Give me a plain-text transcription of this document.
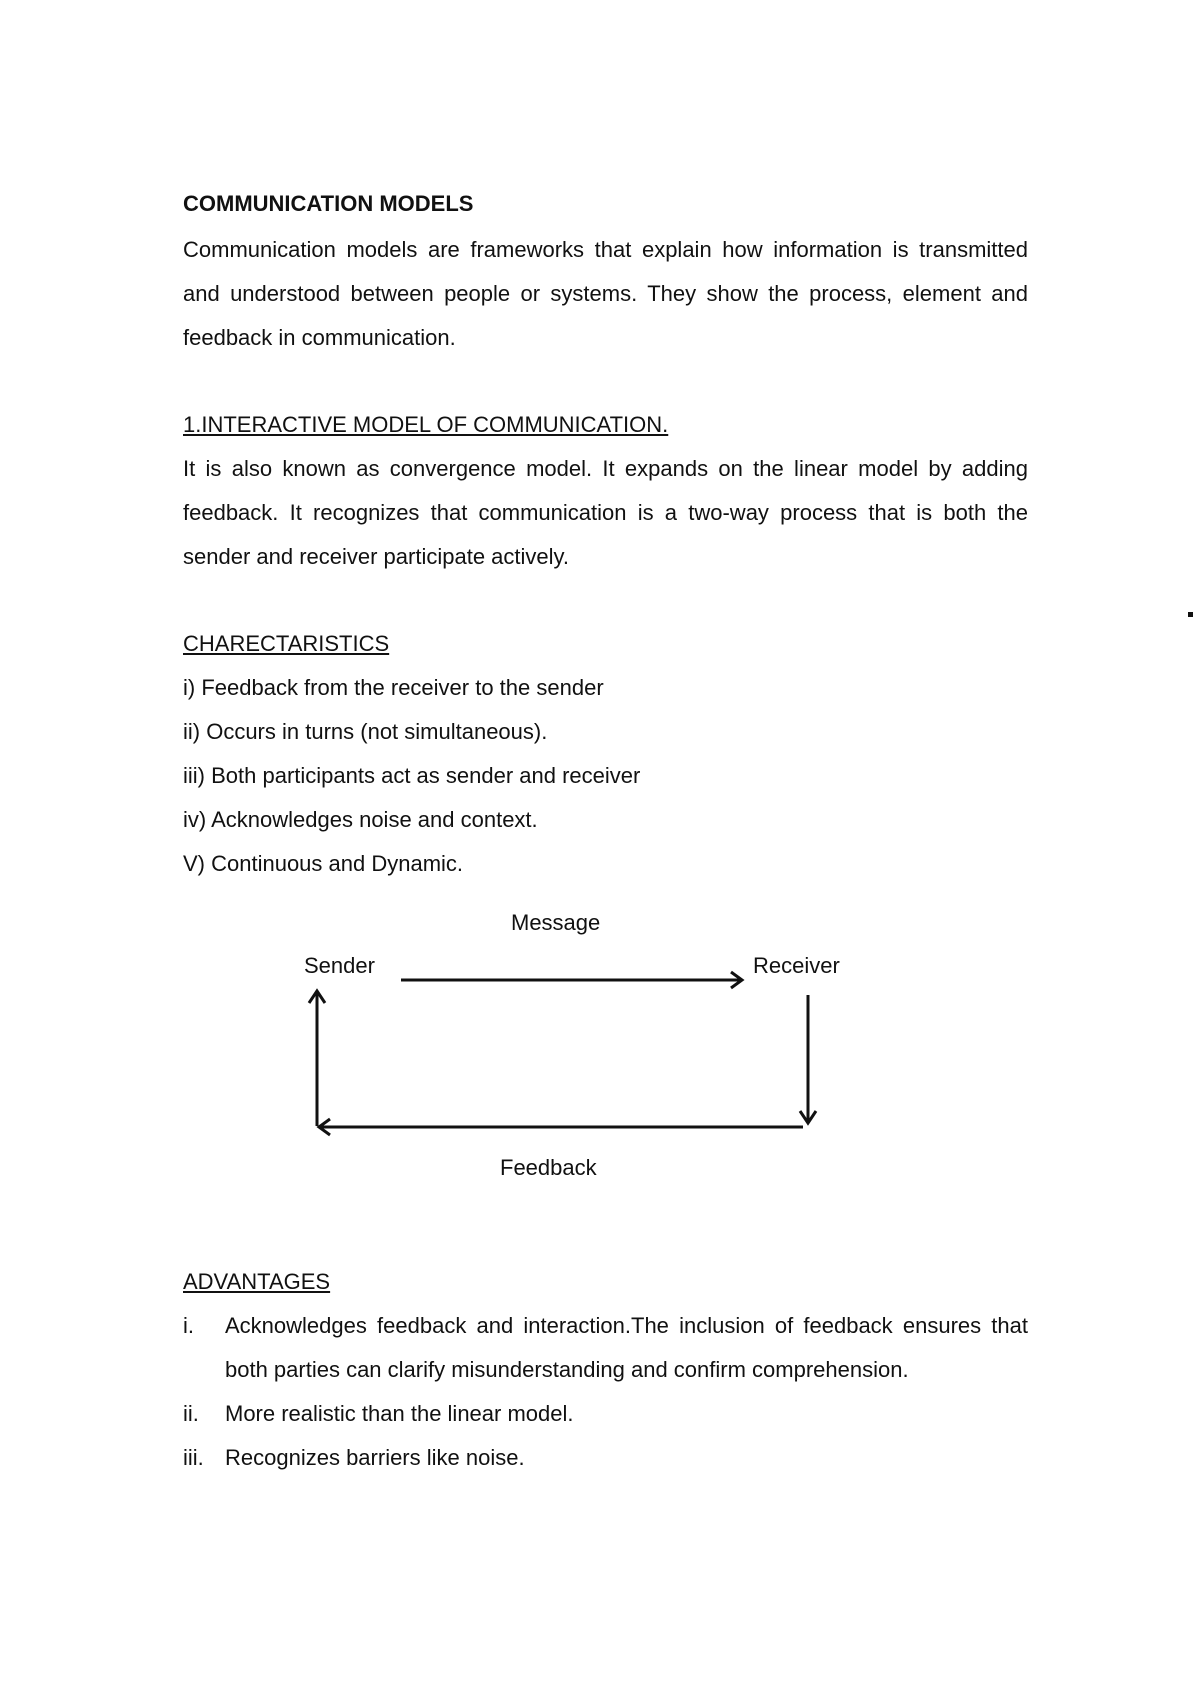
COMMUNICATION MODELS

Communication models are frameworks that explain how information is transmitted and understood between people or systems. They show the process, element and feedback in communication.

1.INTERACTIVE MODEL OF COMMUNICATION.

It is also known as convergence model. It expands on the linear model by adding feedback. It recognizes that communication is a two-way process that is both the sender and receiver participate actively.

CHARECTARISTICS
i) Feedback from the receiver to the sender
ii) Occurs in turns (not simultaneous).
iii) Both participants act as sender and receiver
iv) Acknowledges noise and context.
V) Continuous and Dynamic.
Message
Sender	Receiver
Feedback
ADVANTAGES
i.	Acknowledges feedback and interaction.The inclusion of feedback ensures that both parties can clarify misunderstanding and confirm comprehension.
ii.	More realistic than the linear model.
iii. Recognizes barriers like noise.
